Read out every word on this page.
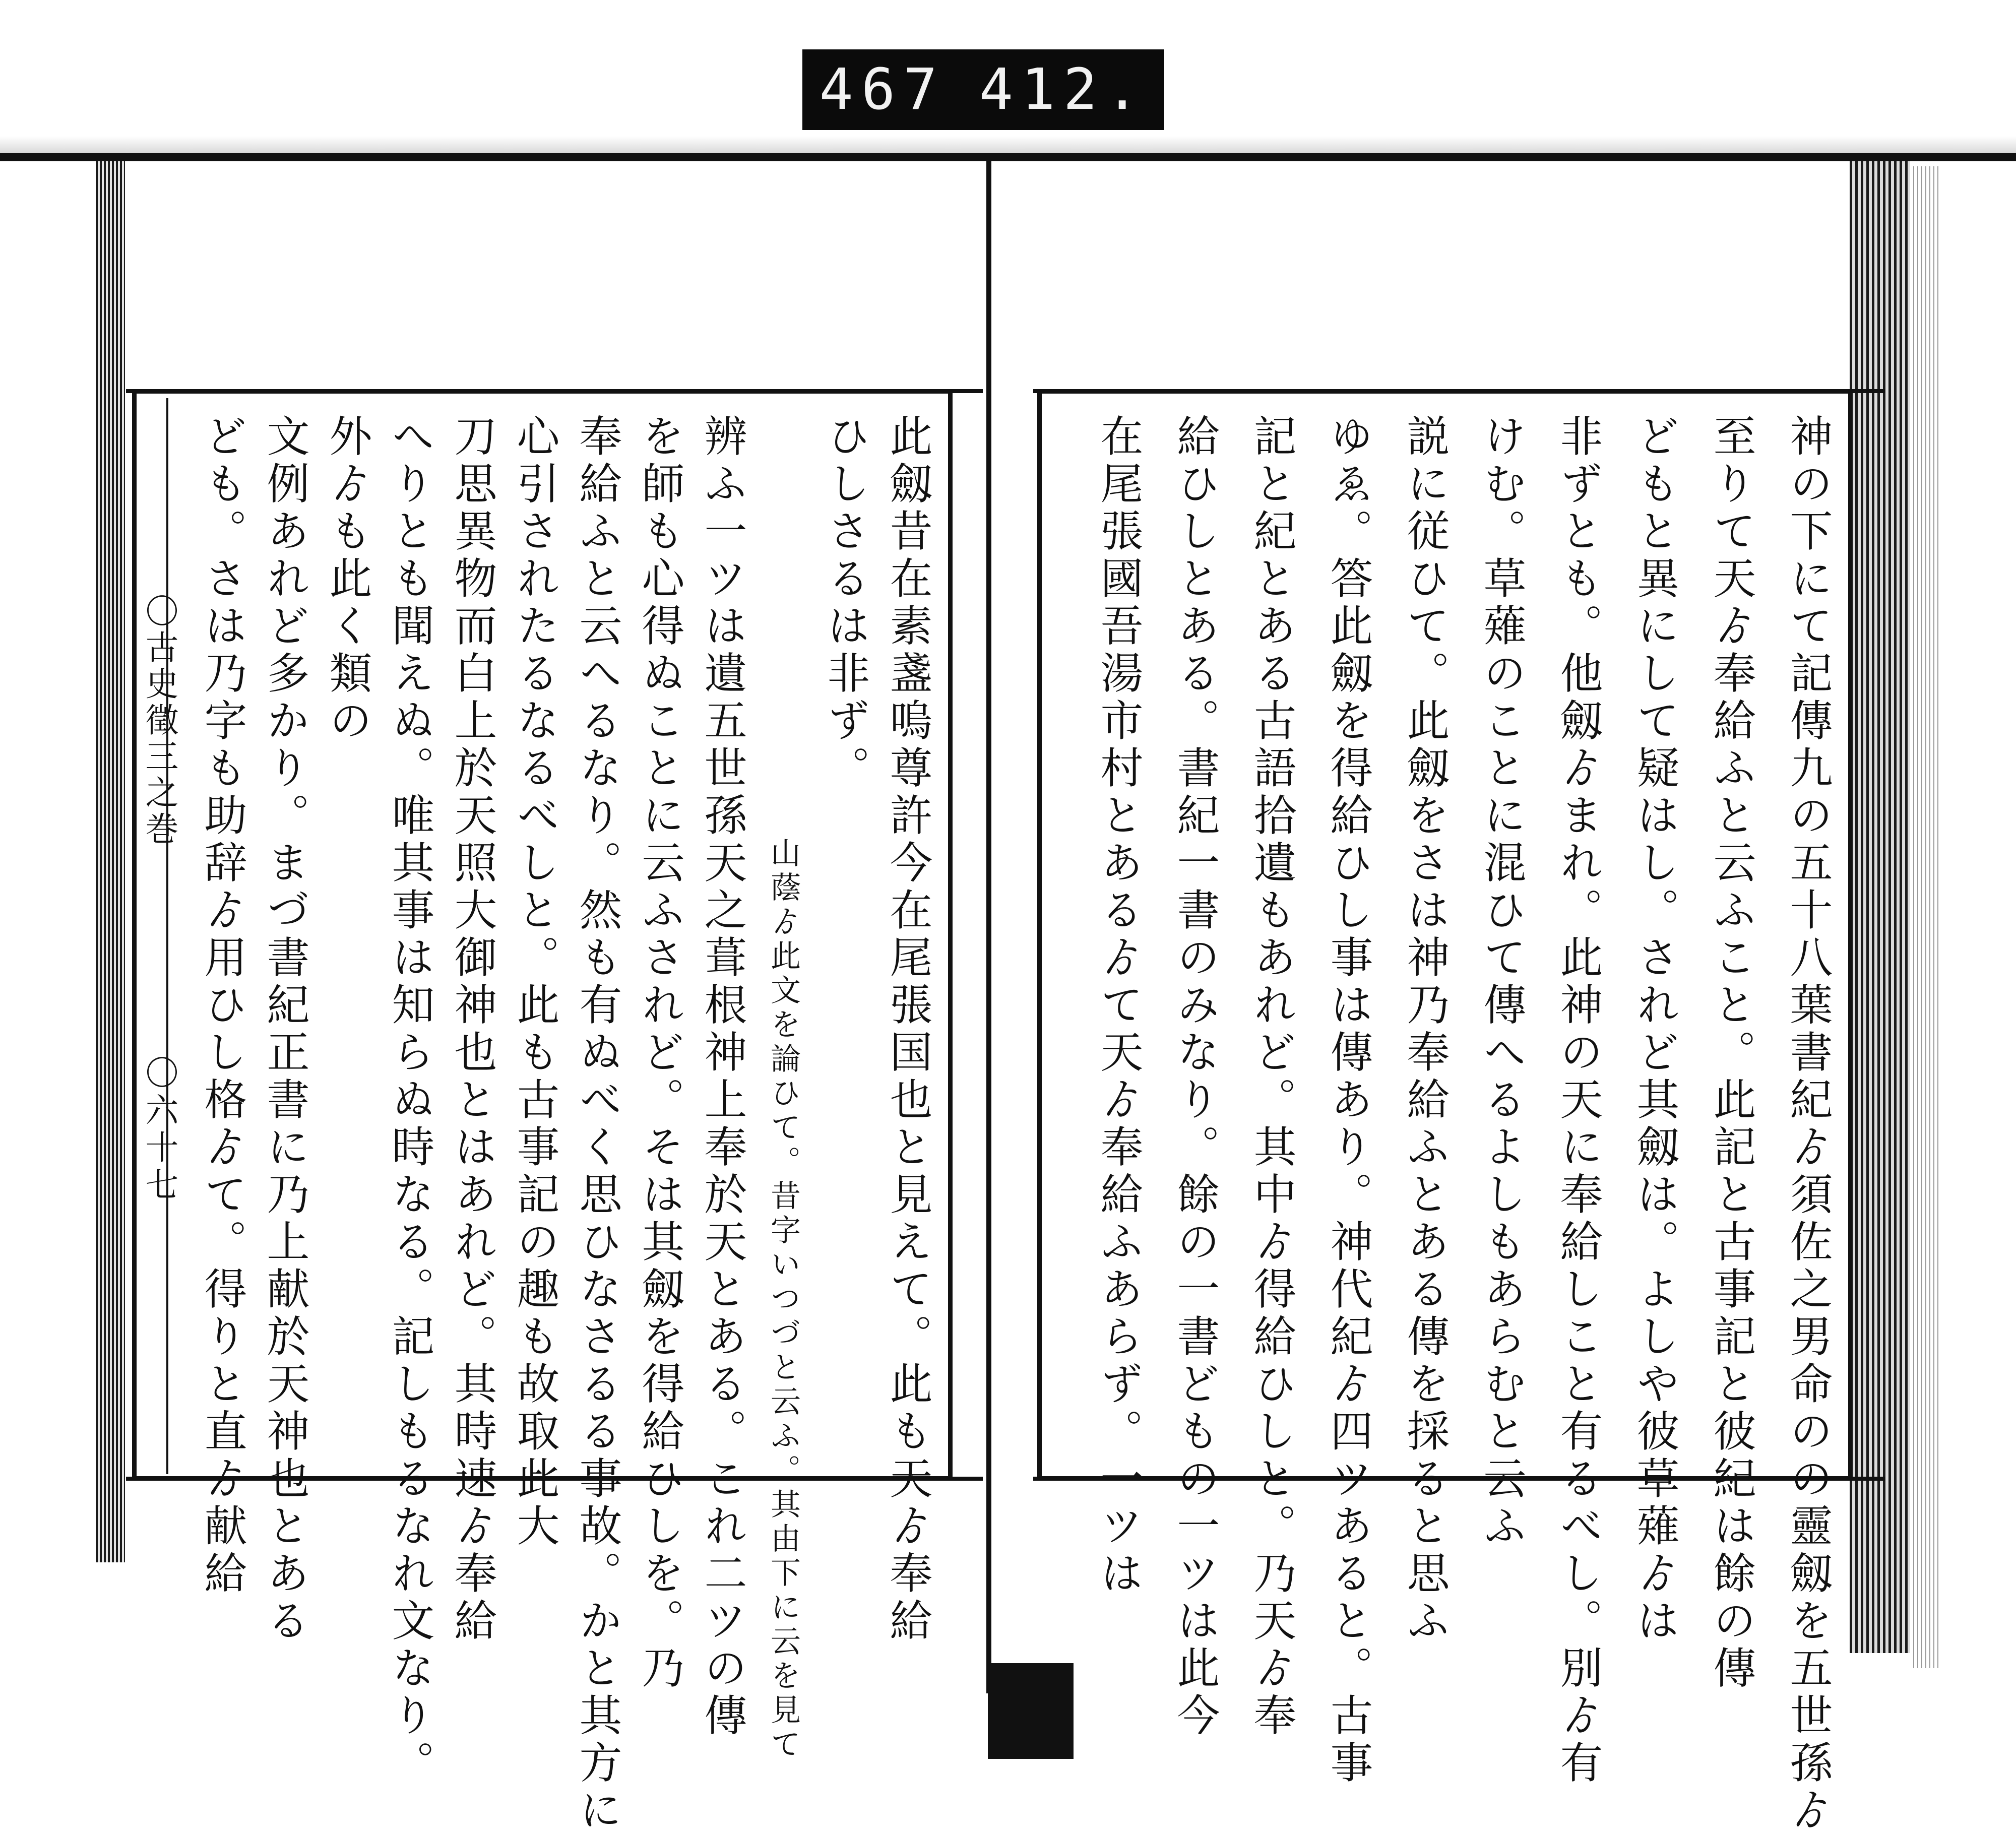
467 412.
此劔昔在素盞嗚尊許今在尾張国也と見えて。此も天ゟ奉給
ひしさるは非ず。
山蔭ゟ此文を論ひて。昔字いつづと云ふ。其由下に云を見て
辨ふ一ツは遺五世孫天之葺根神上奉於天とある。これ二ツの傳
を師も心得ぬことに云ふされど。そは其劔を得給ひしを。乃
奉給ふと云へるなり。然も有ぬべく思ひなさるる事故。かと其方に
心引されたるなるべしと。此も古事記の趣も故取此大
刀思異物而白上於天照大御神也とはあれど。其時速ゟ奉給
へりとも聞えぬ。唯其事は知らぬ時なる。記しもるなれ文なり。
外ゟも此く類の
文例あれど多かり。まづ書紀正書に乃上献於天神也とある
ども。さは乃字も助辞ゟ用ひし格ゟて。得りと直ゟ献給
〇古史徵三之巻
〇六十七	神の下にて記傳九の五十八葉書紀ゟ須佐之男命のの靈劔を五世孫ゟ
至りて天ゟ奉給ふと云ふこと。此記と古事記と彼紀は餘の傳
どもと異にして疑はし。されど其劔は。よしや彼草薙ゟは
非ずとも。他劔ゟまれ。此神の天に奉給しこと有るべし。別ゟ有
けむ。草薙のことに混ひて傳へるよしもあらむと云ふ
説に従ひて。此劔をさは神乃奉給ふとある傳を採ると思ふ
ゆゑ。答此劔を得給ひし事は傳あり。神代紀ゟ四ツあると。古事
記と紀とある古語拾遺もあれど。其中ゟ得給ひしと。乃天ゟ奉
給ひしとある。書紀一書のみなり。餘の一書どもの一ツは此今
在尾張國吾湯市村とあるゟて天ゟ奉給ふあらず。一ツは
